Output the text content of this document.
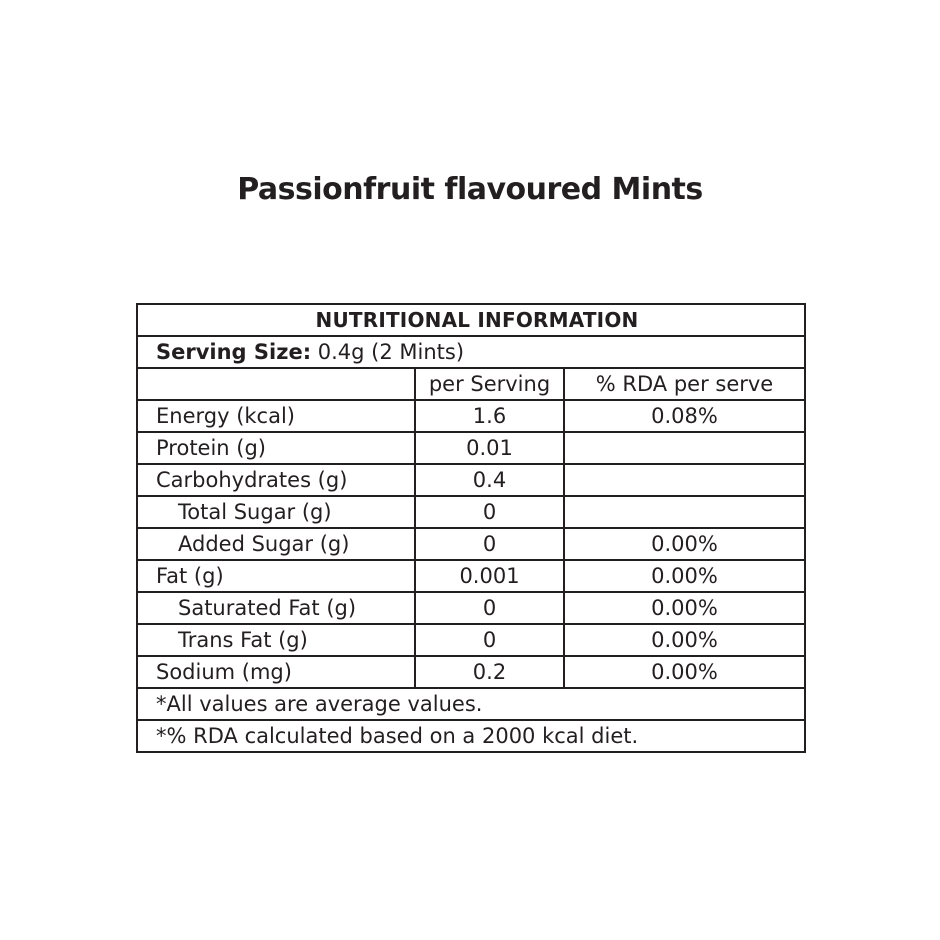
Passionfruit flavoured Mints
NUTRITIONAL INFORMATION		
Serving Size: 0.4g (2 Mints)		
	per Serving	% RDA per serve
Energy (kcal)	1.6	0.08%
Protein (g)	0.01	
Carbohydrates (g)	0.4	
Total Sugar (g)	0	
Added Sugar (g)	0	0.00%
Fat (g)	0.001	0.00%
Saturated Fat (g)	0	0.00%
Trans Fat (g)	0	0.00%
Sodium (mg)	0.2	0.00%
*All values are average values.		
*% RDA calculated based on a 2000 kcal diet.		
